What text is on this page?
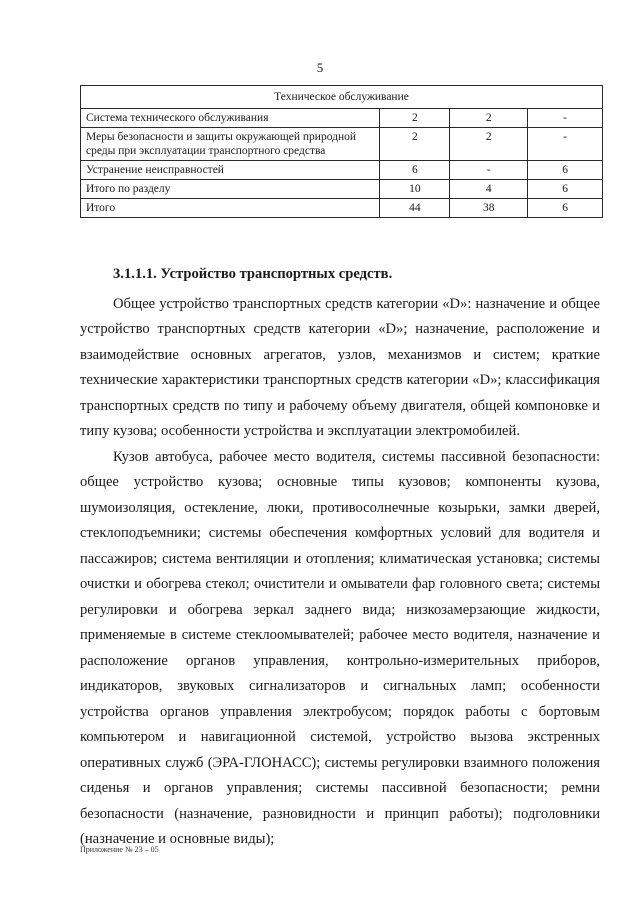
5
Техническое обслуживание			
Система технического обслуживания	2	2	-
Меры безопасности и защиты окружающей природной среды при эксплуатации транспортного средства	2	2	-
Устранение неисправностей	6	-	6
Итого по разделу	10	4	6
Итого	44	38	6

3.1.1.1. Устройство транспортных средств.

Общее устройство транспортных средств категории «D»: назначение и общее устройство транспортных средств категории «D»; назначение, расположение и взаимодействие основных агрегатов, узлов, механизмов и систем; краткие технические характеристики транспортных средств категории «D»; классификация транспортных средств по типу и рабочему объему двигателя, общей компоновке и типу кузова; особенности устройства и эксплуатации электромобилей.

Кузов автобуса, рабочее место водителя, системы пассивной безопасности: общее устройство кузова; основные типы кузовов; компоненты кузова, шумоизоляция, остекление, люки, противосолнечные козырьки, замки дверей, стеклоподъемники; системы обеспечения комфортных условий для водителя и пассажиров; система вентиляции и отопления; климатическая установка; системы очистки и обогрева стекол; очистители и омыватели фар головного света; системы регулировки и обогрева зеркал заднего вида; низкозамерзающие жидкости, применяемые в системе стеклоомывателей; рабочее место водителя, назначение и расположение органов управления, контрольно-измерительных приборов, индикаторов, звуковых сигнализаторов и сигнальных ламп; особенности устройства органов управления электробусом; порядок работы с бортовым компьютером и навигационной системой, устройство вызова экстренных оперативных служб (ЭРА-ГЛОНАСС); системы регулировки взаимного положения сиденья и органов управления; системы пассивной безопасности; ремни безопасности (назначение, разновидности и принцип работы); подголовники (назначение и основные виды);

Приложение № 23 – 05
